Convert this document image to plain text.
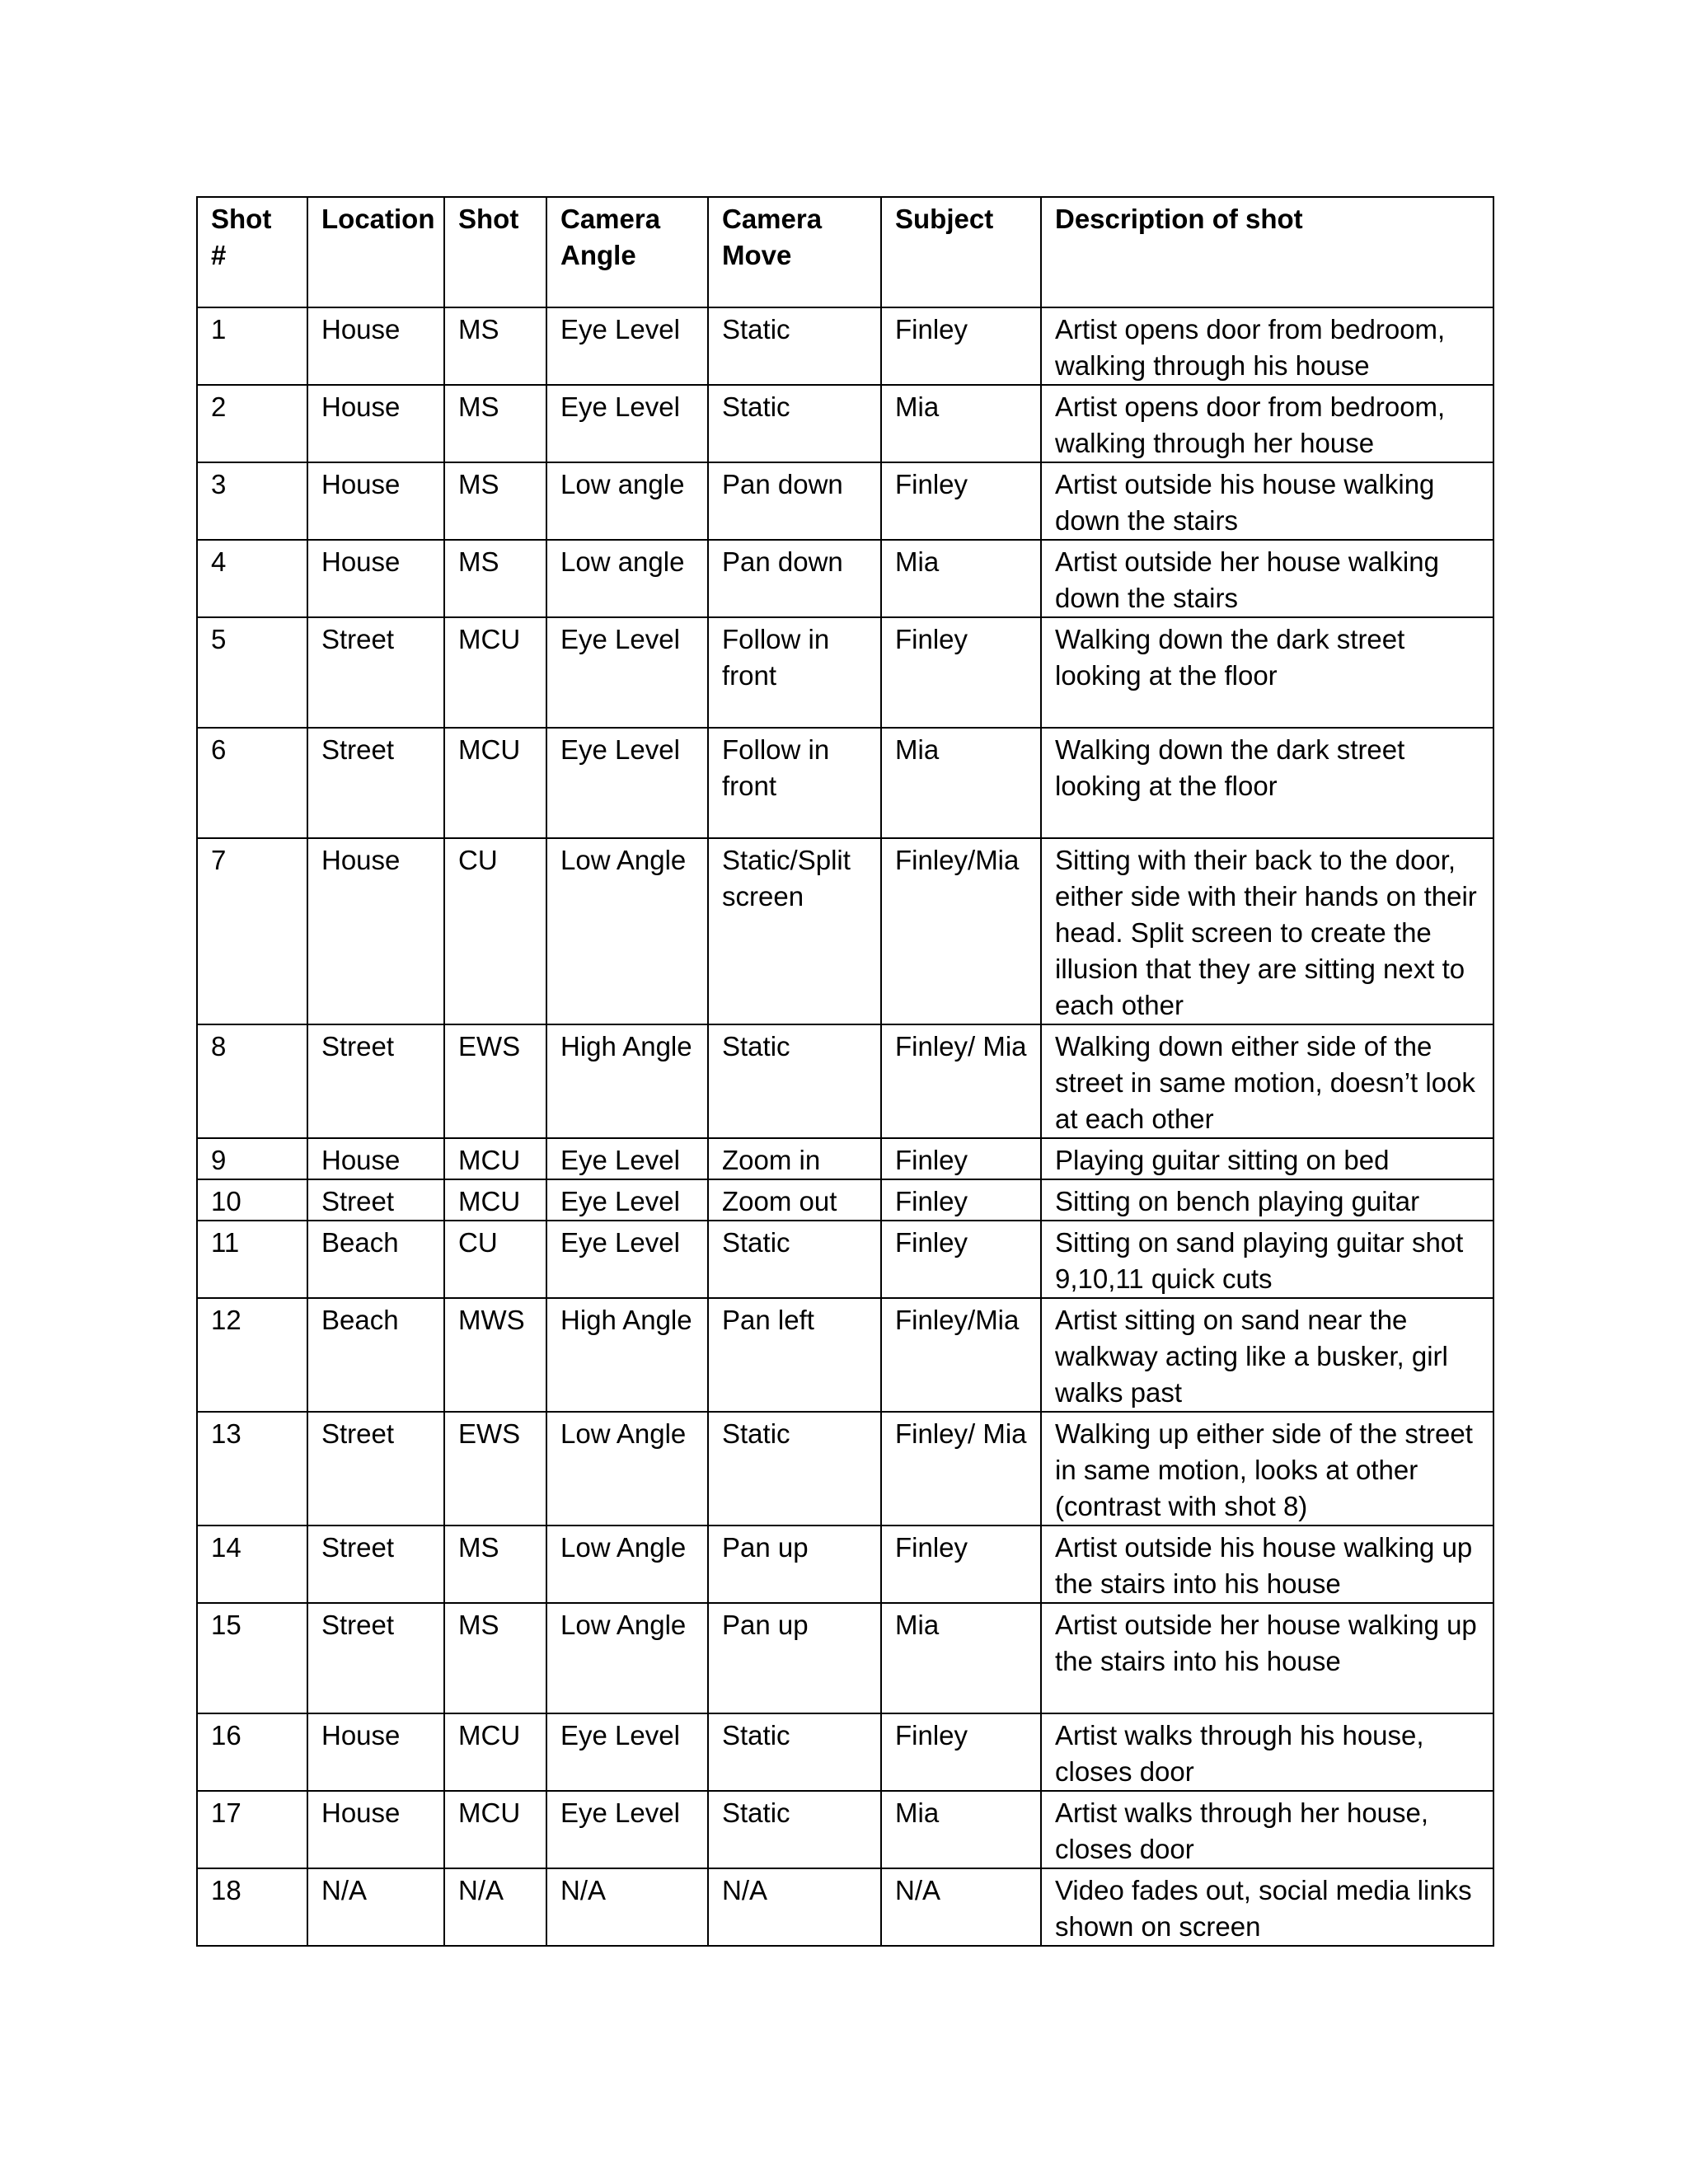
Shot #	Location	Shot	Camera Angle	Camera Move	Subject	Description of shot
1	House	MS	Eye Level	Static	Finley	Artist opens door from bedroom, walking through his house
2	House	MS	Eye Level	Static	Mia	Artist opens door from bedroom, walking through her house
3	House	MS	Low angle	Pan down	Finley	Artist outside his house walking down the stairs
4	House	MS	Low angle	Pan down	Mia	Artist outside her house walking down the stairs
5	Street	MCU	Eye Level	Follow in front	Finley	Walking down the dark street looking at the floor
6	Street	MCU	Eye Level	Follow in front	Mia	Walking down the dark street looking at the floor
7	House	CU	Low Angle	Static/Split screen	Finley/Mia	Sitting with their back to the door, either side with their hands on their head. Split screen to create the illusion that they are sitting next to each other
8	Street	EWS	High Angle	Static	Finley/ Mia	Walking down either side of the street in same motion, doesn’t look at each other
9	House	MCU	Eye Level	Zoom in	Finley	Playing guitar sitting on bed
10	Street	MCU	Eye Level	Zoom out	Finley	Sitting on bench playing guitar
11	Beach	CU	Eye Level	Static	Finley	Sitting on sand playing guitar shot 9,10,11 quick cuts
12	Beach	MWS	High Angle	Pan left	Finley/Mia	Artist sitting on sand near the walkway acting like a busker, girl walks past
13	Street	EWS	Low Angle	Static	Finley/ Mia	Walking up either side of the street in same motion, looks at other (contrast with shot 8)
14	Street	MS	Low Angle	Pan up	Finley	Artist outside his house walking up the stairs into his house
15	Street	MS	Low Angle	Pan up	Mia	Artist outside her house walking up the stairs into his house
16	House	MCU	Eye Level	Static	Finley	Artist walks through his house, closes door
17	House	MCU	Eye Level	Static	Mia	Artist walks through her house, closes door
18	N/A	N/A	N/A	N/A	N/A	Video fades out, social media links shown on screen
